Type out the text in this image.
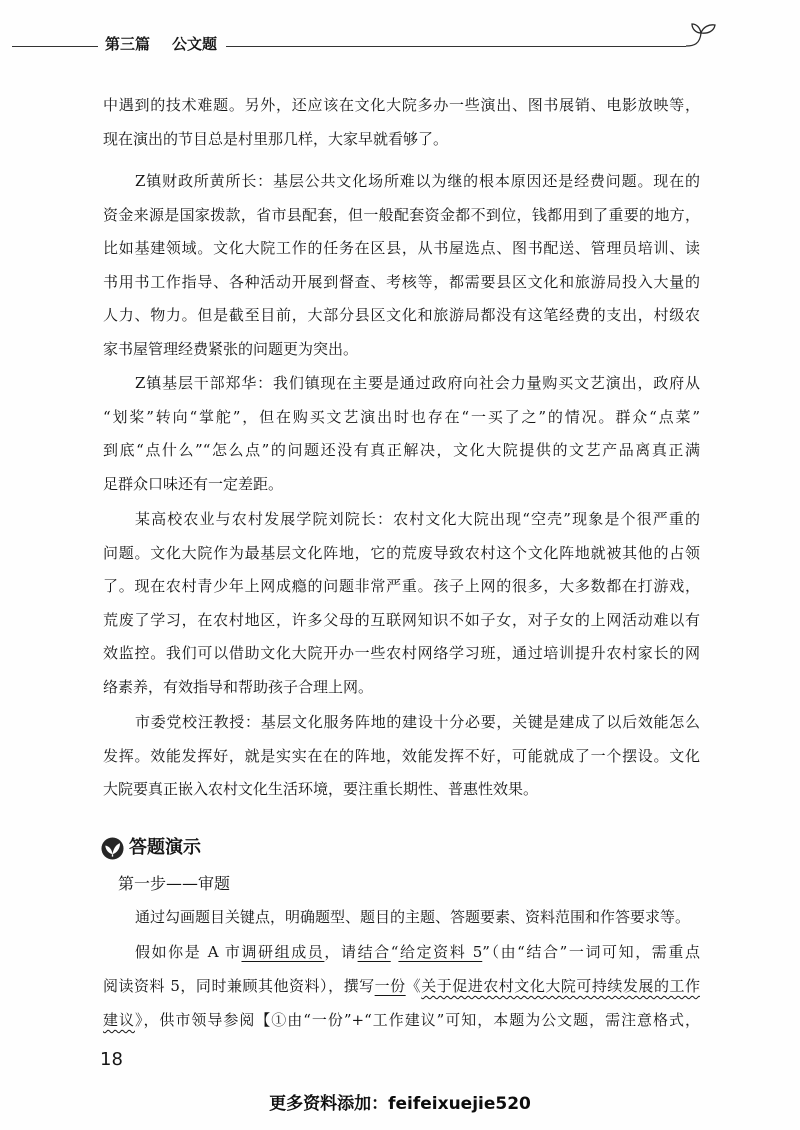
第三篇 公文题
中遇到的技术难题。另外，还应该在文化大院多办一些演出、图书展销、电影放映等，
现在演出的节目总是村里那几样，大家早就看够了。
Z镇财政所黄所长：基层公共文化场所难以为继的根本原因还是经费问题。现在的
资金来源是国家拨款，省市县配套，但一般配套资金都不到位，钱都用到了重要的地方，
比如基建领域。文化大院工作的任务在区县，从书屋选点、图书配送、管理员培训、读
书用书工作指导、各种活动开展到督查、考核等，都需要县区文化和旅游局投入大量的
人力、物力。但是截至目前，大部分县区文化和旅游局都没有这笔经费的支出，村级农
家书屋管理经费紧张的问题更为突出。
Z镇基层干部郑华：我们镇现在主要是通过政府向社会力量购买文艺演出，政府从
“划桨”转向“掌舵”，但在购买文艺演出时也存在“一买了之”的情况。群众“点菜”
到底“点什么”“怎么点”的问题还没有真正解决，文化大院提供的文艺产品离真正满
足群众口味还有一定差距。
某高校农业与农村发展学院刘院长：农村文化大院出现“空壳”现象是个很严重的
问题。文化大院作为最基层文化阵地，它的荒废导致农村这个文化阵地就被其他的占领
了。现在农村青少年上网成瘾的问题非常严重。孩子上网的很多，大多数都在打游戏，
荒废了学习，在农村地区，许多父母的互联网知识不如子女，对子女的上网活动难以有
效监控。我们可以借助文化大院开办一些农村网络学习班，通过培训提升农村家长的网
络素养，有效指导和帮助孩子合理上网。
市委党校汪教授：基层文化服务阵地的建设十分必要，关键是建成了以后效能怎么
发挥。效能发挥好，就是实实在在的阵地，效能发挥不好，可能就成了一个摆设。文化
大院要真正嵌入农村文化生活环境，要注重长期性、普惠性效果。
答题演示
第一步——审题
通过勾画题目关键点，明确题型、题目的主题、答题要素、资料范围和作答要求等。
假如你是 A 市调研组成员，请结合“给定资料 5”（由“结合”一词可知，需重点
阅读资料 5，同时兼顾其他资料），撰写一份《关于促进农村文化大院可持续发展的工作
建议》，供市领导参阅【①由“一份”+“工作建议”可知，本题为公文题，需注意格式，
18
更多资料添加：feifeixuejie520
